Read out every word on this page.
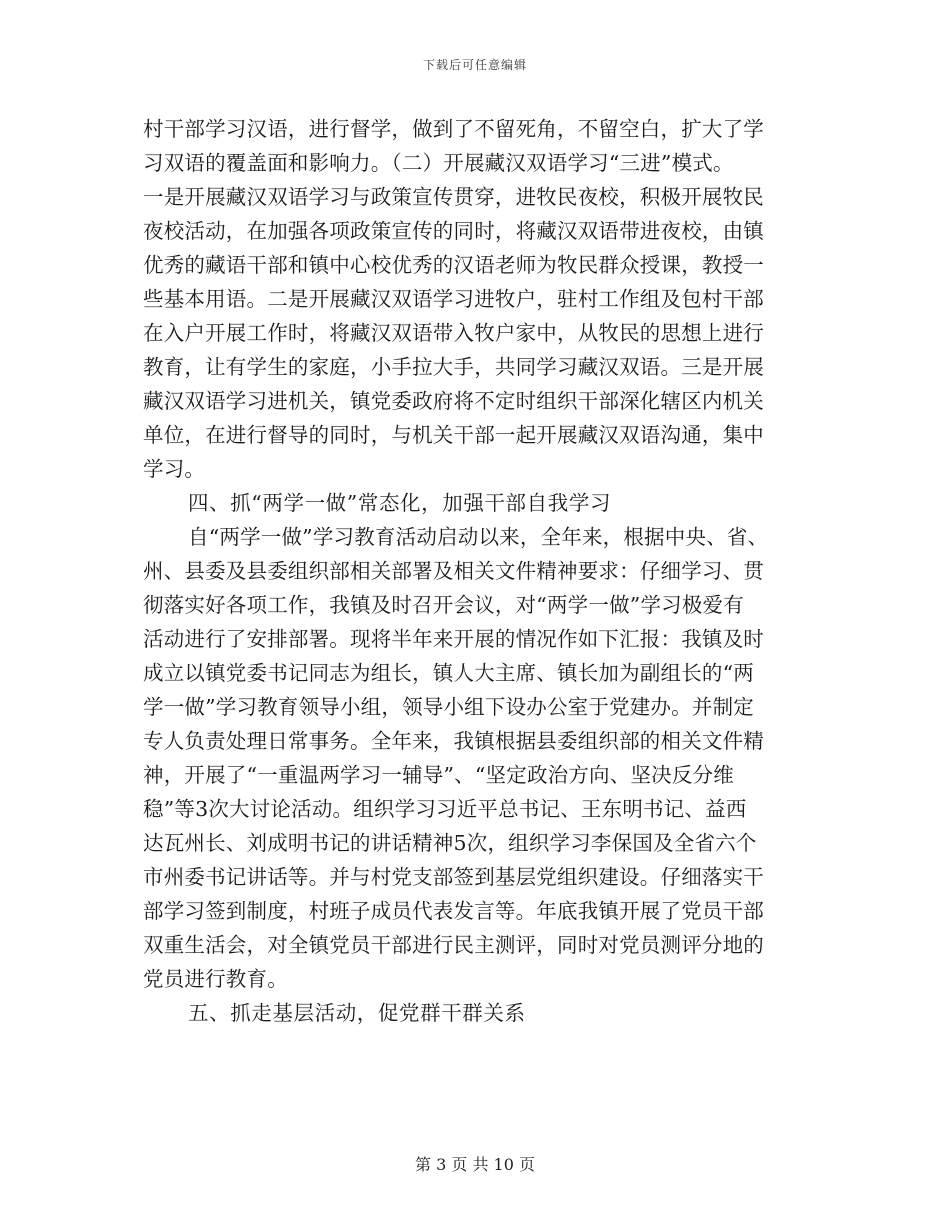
下载后可任意编辑
村干部学习汉语，进行督学，做到了不留死角，不留空白，扩大了学
习双语的覆盖面和影响力。（二）开展藏汉双语学习“三进”模式。
一是开展藏汉双语学习与政策宣传贯穿，进牧民夜校，积极开展牧民
夜校活动，在加强各项政策宣传的同时，将藏汉双语带进夜校，由镇
优秀的藏语干部和镇中心校优秀的汉语老师为牧民群众授课，教授一
些基本用语。二是开展藏汉双语学习进牧户，驻村工作组及包村干部
在入户开展工作时，将藏汉双语带入牧户家中，从牧民的思想上进行
教育，让有学生的家庭，小手拉大手，共同学习藏汉双语。三是开展
藏汉双语学习进机关，镇党委政府将不定时组织干部深化辖区内机关
单位，在进行督导的同时，与机关干部一起开展藏汉双语沟通，集中
学习。
四、抓“两学一做”常态化，加强干部自我学习
自“两学一做”学习教育活动启动以来，全年来，根据中央、省、
州、县委及县委组织部相关部署及相关文件精神要求：仔细学习、贯
彻落实好各项工作，我镇及时召开会议，对“两学一做”学习极爱有
活动进行了安排部署。现将半年来开展的情况作如下汇报：我镇及时
成立以镇党委书记同志为组长，镇人大主席、镇长加为副组长的“两
学一做”学习教育领导小组，领导小组下设办公室于党建办。并制定
专人负责处理日常事务。全年来，我镇根据县委组织部的相关文件精
神，开展了“一重温两学习一辅导”、“坚定政治方向、坚决反分维
稳”等3次大讨论活动。组织学习习近平总书记、王东明书记、益西
达瓦州长、刘成明书记的讲话精神5次，组织学习李保国及全省六个
市州委书记讲话等。并与村党支部签到基层党组织建设。仔细落实干
部学习签到制度，村班子成员代表发言等。年底我镇开展了党员干部
双重生活会，对全镇党员干部进行民主测评，同时对党员测评分地的
党员进行教育。
五、抓走基层活动，促党群干群关系
第 3 页 共 10 页
